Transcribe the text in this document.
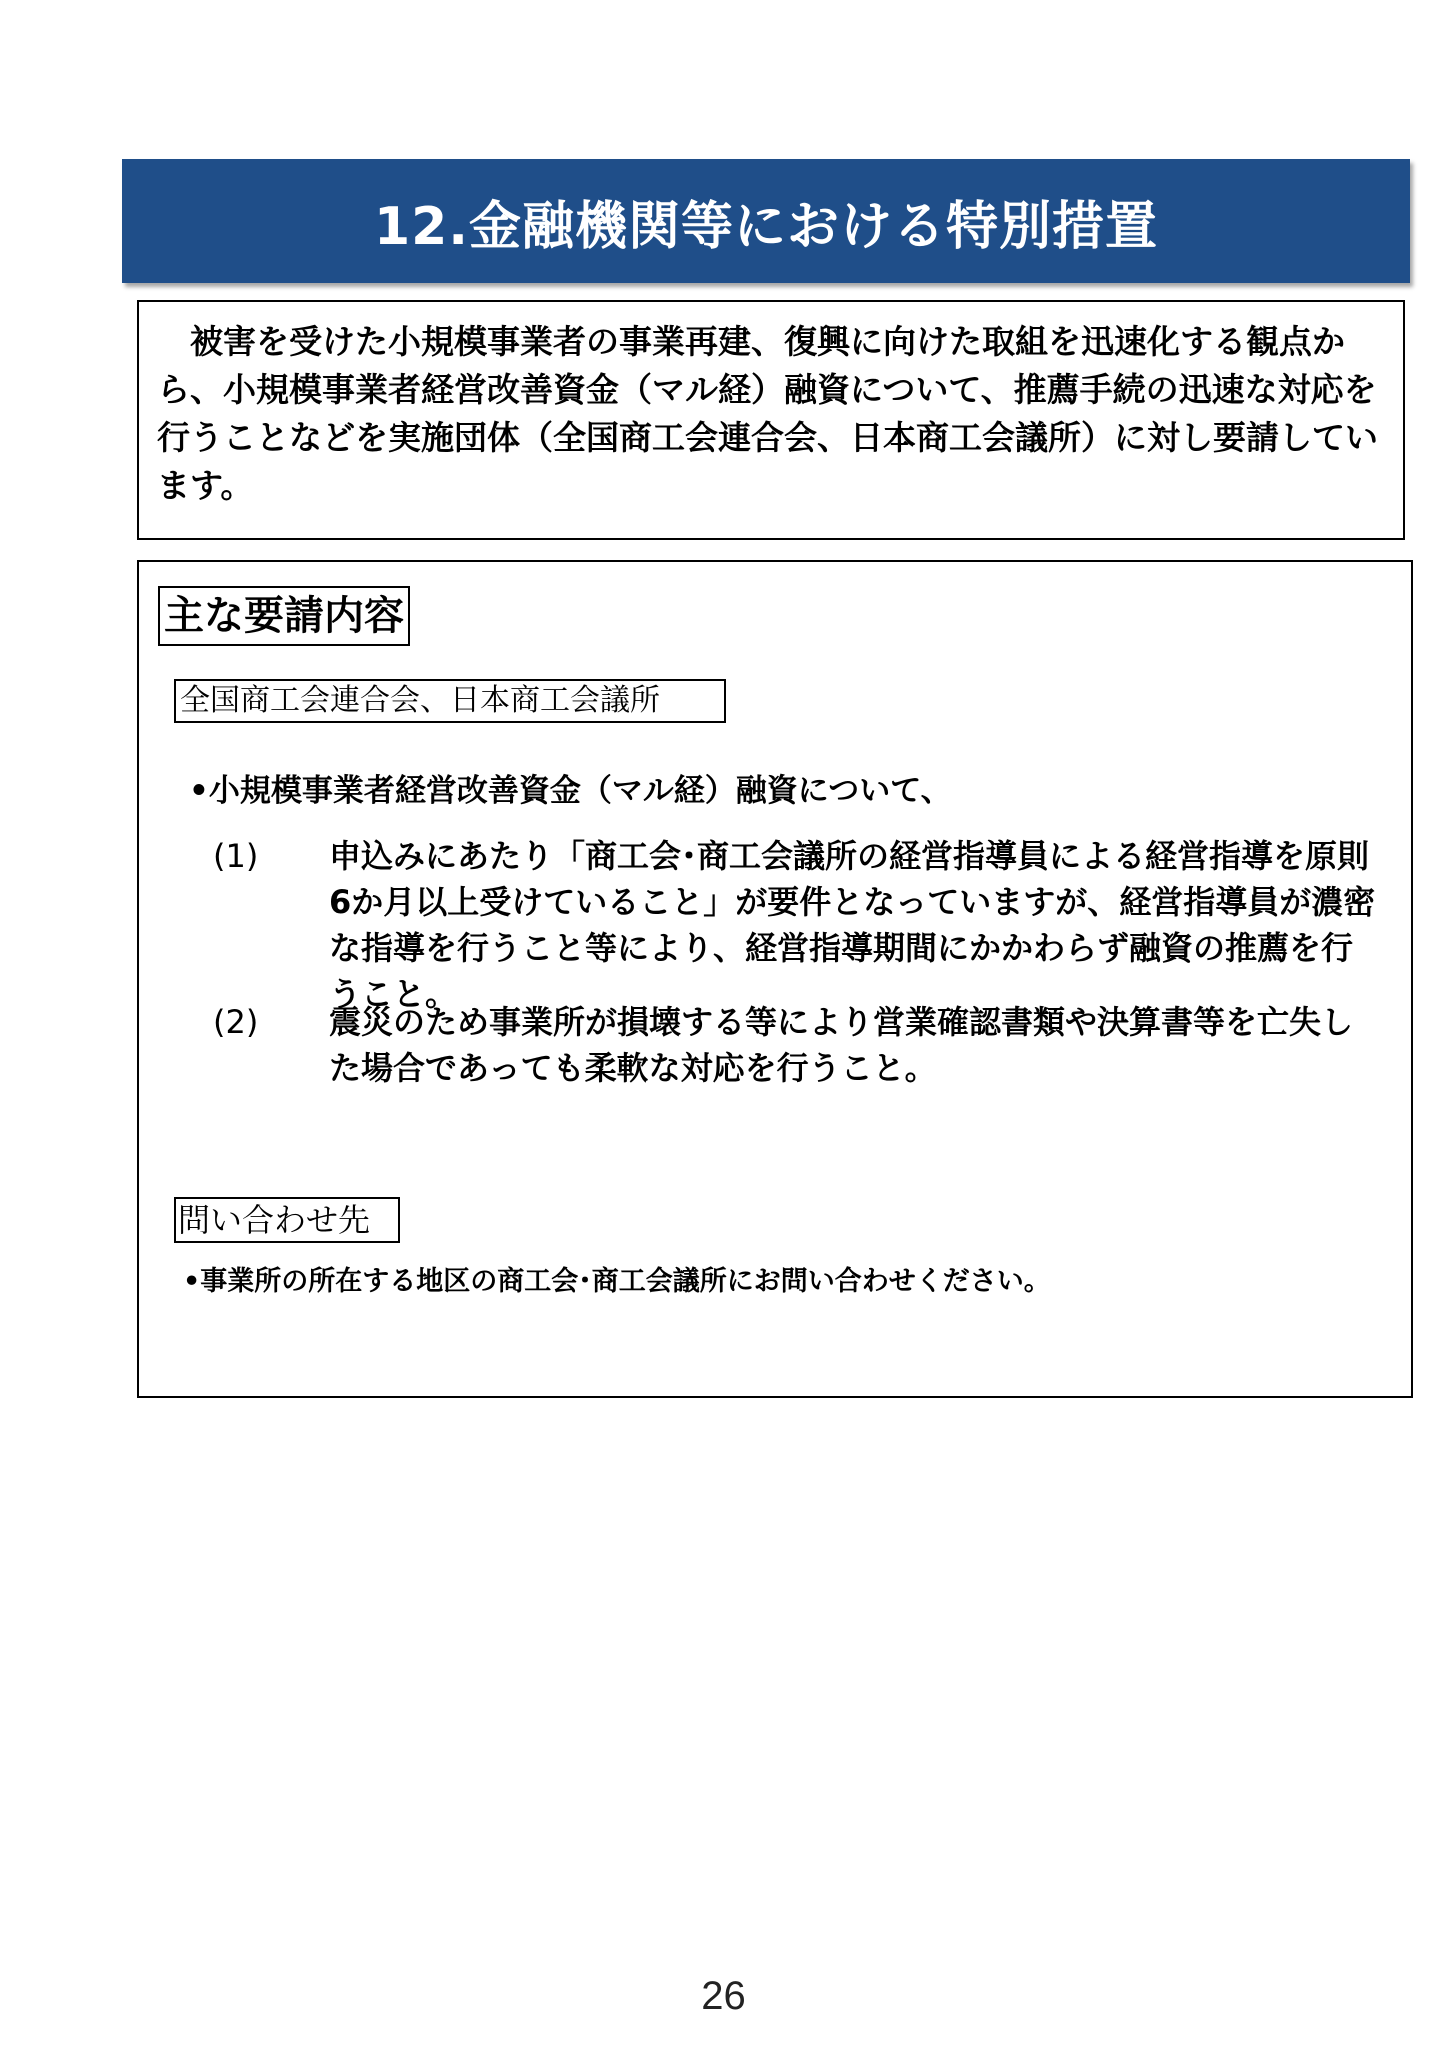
12.金融機関等における特別措置

被害を受けた小規模事業者の事業再建、復興に向けた取組を迅速化する観点から、小規模事業者経営改善資金（マル経）融資について、推薦手続の迅速な対応を行うことなどを実施団体（全国商工会連合会、日本商工会議所）に対し要請しています。

主な要請内容
全国商工会連合会、日本商工会議所
•小規模事業者経営改善資金（マル経）融資について、
(1)	申込みにあたり「商工会･商工会議所の経営指導員による経営指導を原則6か月以上受けていること」が要件となっていますが、経営指導員が濃密な指導を行うこと等により、経営指導期間にかかわらず融資の推薦を行うこと。
(2)	震災のため事業所が損壊する等により営業確認書類や決算書等を亡失した場合であっても柔軟な対応を行うこと。
問い合わせ先
•事業所の所在する地区の商工会･商工会議所にお問い合わせください。
26
